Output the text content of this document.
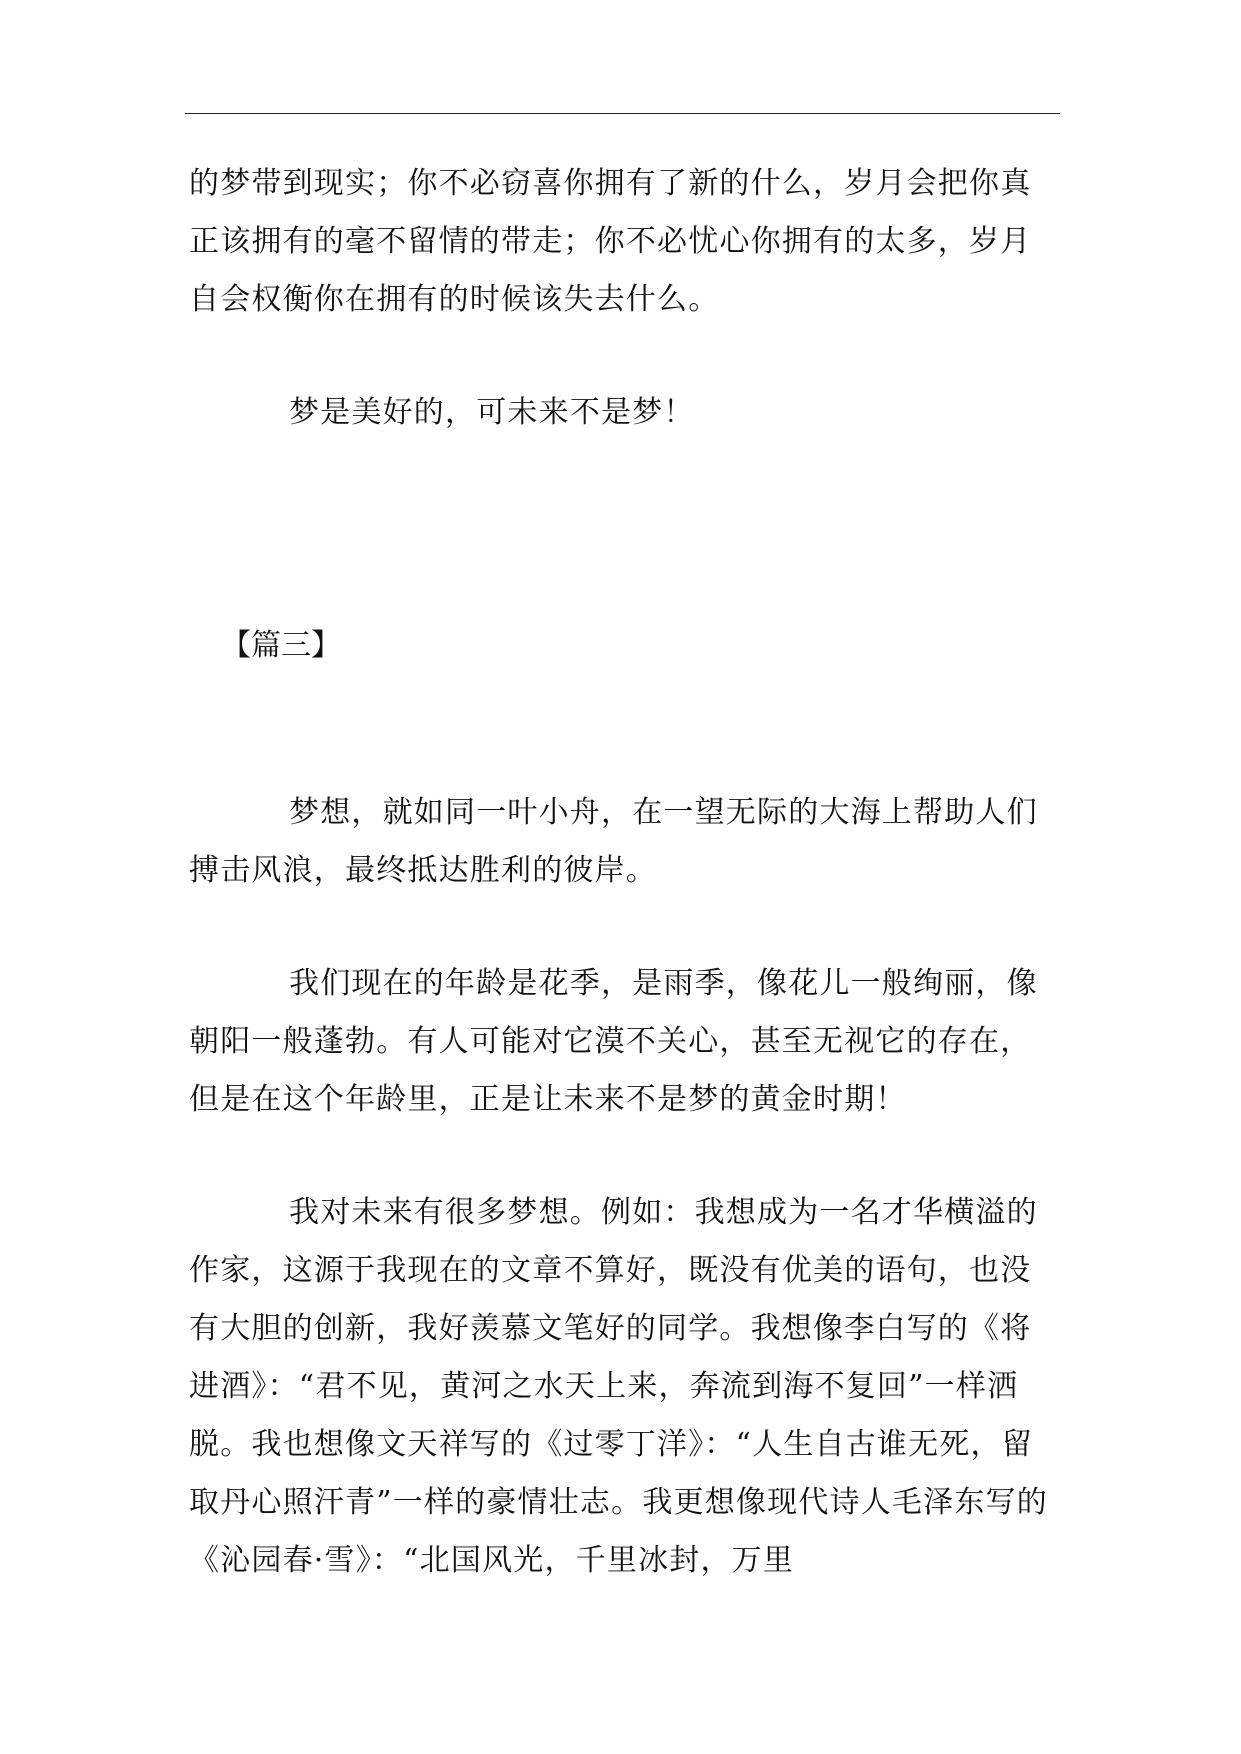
的梦带到现实；你不必窃喜你拥有了新的什么，岁月会把你真正该拥有的毫不留情的带走；你不必忧心你拥有的太多，岁月自会权衡你在拥有的时候该失去什么。

梦是美好的，可未来不是梦！

【篇三】

梦想，就如同一叶小舟，在一望无际的大海上帮助人们搏击风浪，最终抵达胜利的彼岸。

我们现在的年龄是花季，是雨季，像花儿一般绚丽，像朝阳一般蓬勃。有人可能对它漠不关心，甚至无视它的存在，但是在这个年龄里，正是让未来不是梦的黄金时期！

我对未来有很多梦想。例如：我想成为一名才华横溢的作家，这源于我现在的文章不算好，既没有优美的语句，也没有大胆的创新，我好羡慕文笔好的同学。我想像李白写的《将进酒》：“君不见，黄河之水天上来，奔流到海不复回”一样洒脱。我也想像文天祥写的《过零丁洋》：“人生自古谁无死，留取丹心照汗青”一样的豪情壮志。我更想像现代诗人毛泽东写的《沁园春·雪》：“北国风光，千里冰封，万里
